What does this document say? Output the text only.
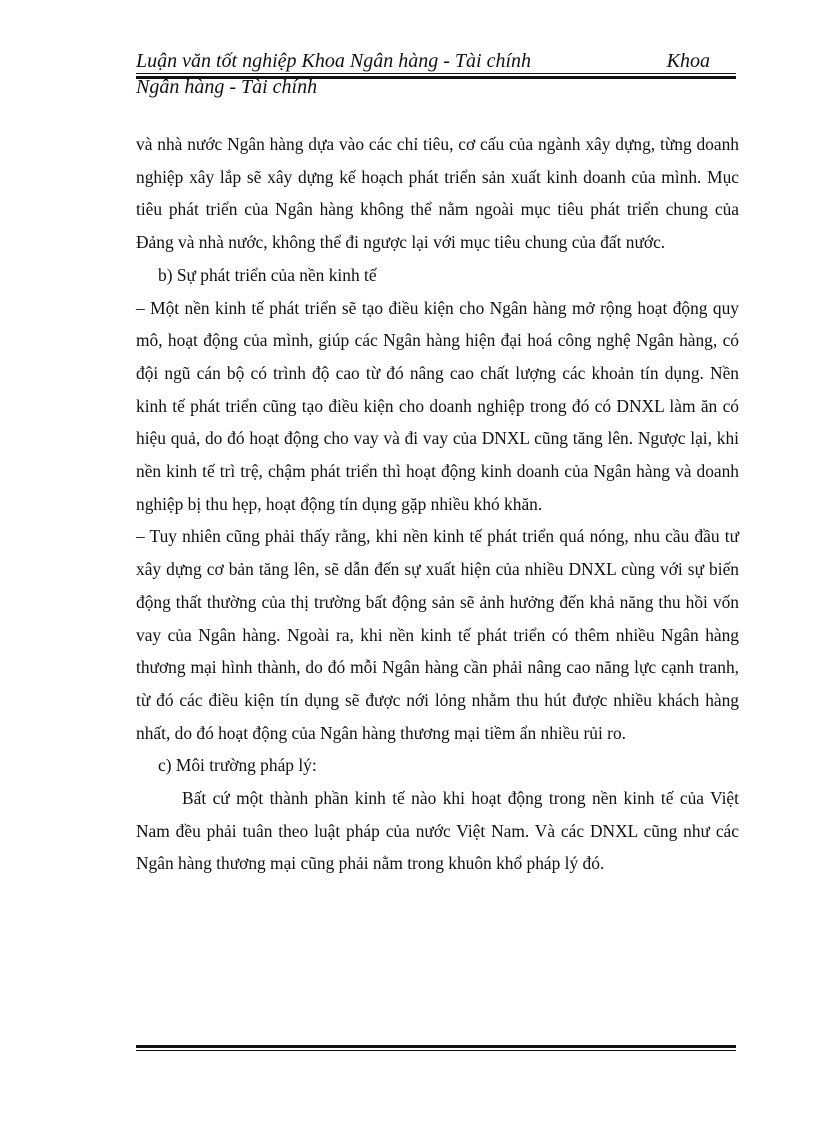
Luận văn tốt nghiệp Khoa Ngân hàng - Tài chính	Khoa
Ngân hàng - Tài chính

và nhà nước Ngân hàng dựa vào các chỉ tiêu, cơ cấu của ngành xây dựng, từng doanh nghiệp xây lắp sẽ xây dựng kế hoạch phát triển sản xuất kinh doanh của mình. Mục tiêu phát triển của Ngân hàng không thể nằm ngoài mục tiêu phát triển chung của Đảng và nhà nước, không thể đi ngược lại với mục tiêu chung của đất nước.

b) Sự phát triển của nền kinh tế

– Một nền kinh tế phát triển sẽ tạo điều kiện cho Ngân hàng mở rộng hoạt động quy mô, hoạt động của mình, giúp các Ngân hàng hiện đại hoá công nghệ Ngân hàng, có đội ngũ cán bộ có trình độ cao từ đó nâng cao chất lượng các khoản tín dụng. Nền kinh tế phát triển cũng tạo điều kiện cho doanh nghiệp trong đó có DNXL làm ăn có hiệu quả, do đó hoạt động cho vay và đi vay của DNXL cũng tăng lên. Ngược lại, khi nền kinh tế trì trệ, chậm phát triển thì hoạt động kinh doanh của Ngân hàng và doanh nghiệp bị thu hẹp, hoạt động tín dụng gặp nhiều khó khăn.

– Tuy nhiên cũng phải thấy rằng, khi nền kinh tế phát triển quá nóng, nhu cầu đầu tư xây dựng cơ bản tăng lên, sẽ dẫn đến sự xuất hiện của nhiều DNXL cùng với sự biến động thất thường của thị trường bất động sản sẽ ảnh hưởng đến khả năng thu hồi vốn vay của Ngân hàng. Ngoài ra, khi nền kinh tế phát triển có thêm nhiều Ngân hàng thương mại hình thành, do đó mỗi Ngân hàng cần phải nâng cao năng lực cạnh tranh, từ đó các điều kiện tín dụng sẽ được nới lỏng nhằm thu hút được nhiều khách hàng nhất, do đó hoạt động của Ngân hàng thương mại tiềm ẩn nhiều rủi ro.

c) Môi trường pháp lý:

Bất cứ một thành phần kinh tế nào khi hoạt động trong nền kinh tế của Việt Nam đều phải tuân theo luật pháp của nước Việt Nam. Và các DNXL cũng như các Ngân hàng thương mại cũng phải nằm trong khuôn khổ pháp lý đó.
